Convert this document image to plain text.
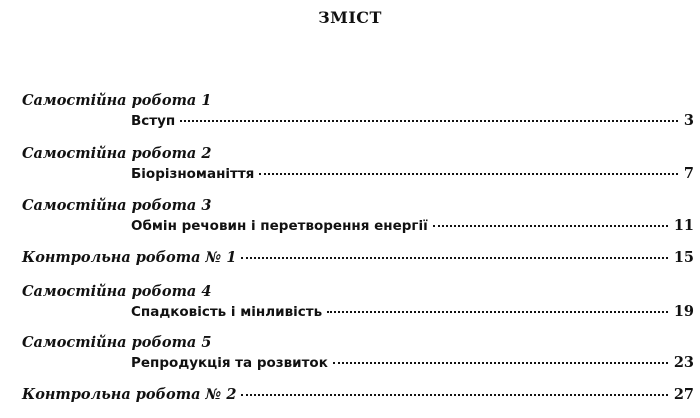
ЗМІСТ
Самостійна робота 1
Вступ	3
Самостійна робота 2
Біорізноманіття	7
Самостійна робота 3
Обмін речовин і перетворення енергії	11
Контрольна робота № 1	15
Самостійна робота 4
Спадковість і мінливість	19
Самостійна робота 5
Репродукція та розвиток	23
Контрольна робота № 2	27
